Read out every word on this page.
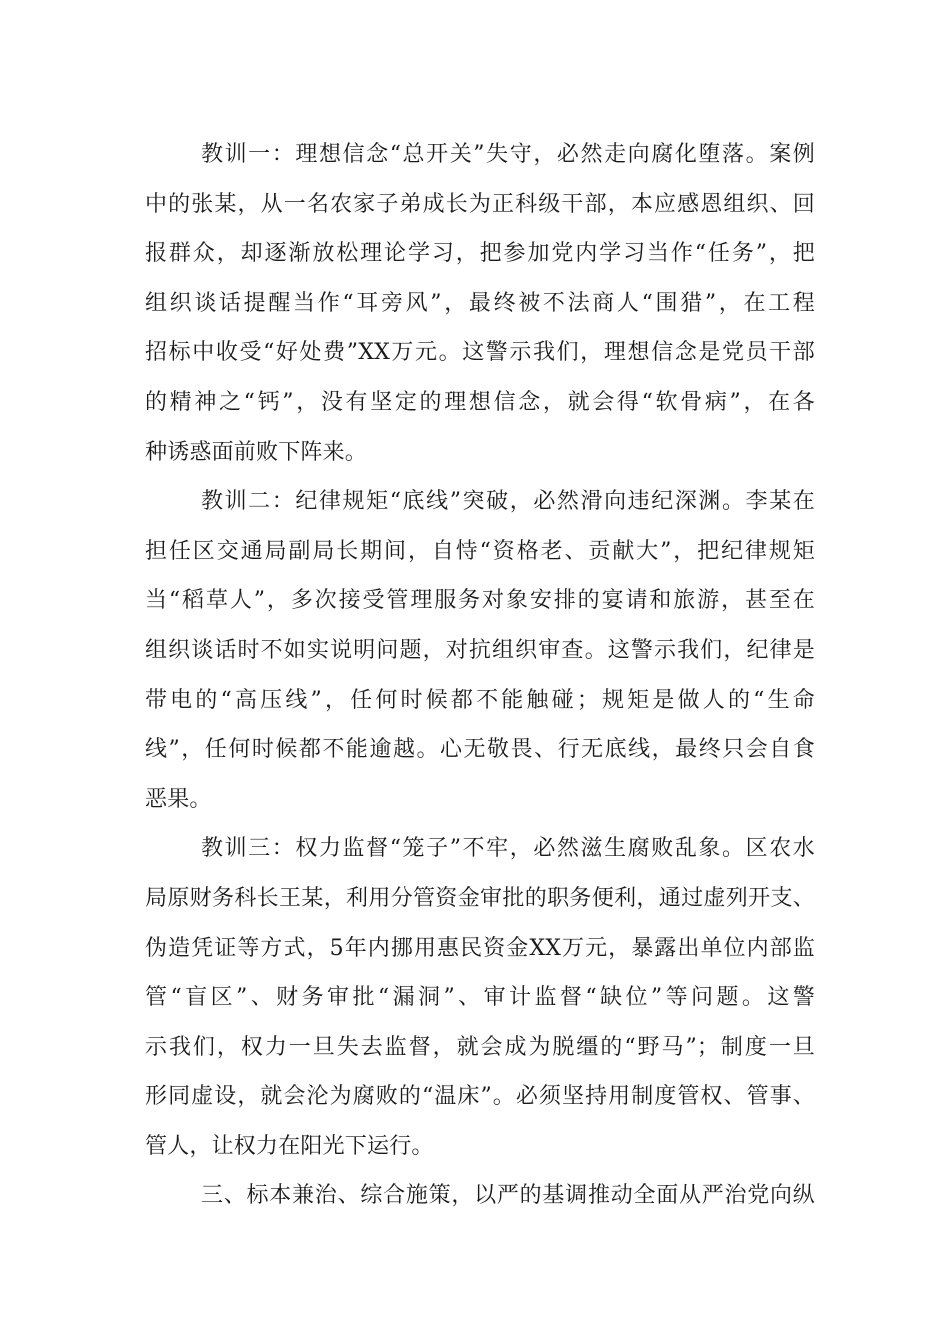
教训一：理想信念“总开关”失守，必然走向腐化堕落。案例
中的张某，从一名农家子弟成长为正科级干部，本应感恩组织、回
报群众，却逐渐放松理论学习，把参加党内学习当作“任务”，把
组织谈话提醒当作“耳旁风”，最终被不法商人“围猎”，在工程
招标中收受“好处费”XX万元。这警示我们，理想信念是党员干部
的精神之“钙”，没有坚定的理想信念，就会得“软骨病”，在各
种诱惑面前败下阵来。
教训二：纪律规矩“底线”突破，必然滑向违纪深渊。李某在
担任区交通局副局长期间，自恃“资格老、贡献大”，把纪律规矩
当“稻草人”，多次接受管理服务对象安排的宴请和旅游，甚至在
组织谈话时不如实说明问题，对抗组织审查。这警示我们，纪律是
带电的“高压线”，任何时候都不能触碰；规矩是做人的“生命
线”，任何时候都不能逾越。心无敬畏、行无底线，最终只会自食
恶果。
教训三：权力监督“笼子”不牢，必然滋生腐败乱象。区农水
局原财务科长王某，利用分管资金审批的职务便利，通过虚列开支、
伪造凭证等方式，5年内挪用惠民资金XX万元，暴露出单位内部监
管“盲区”、财务审批“漏洞”、审计监督“缺位”等问题。这警
示我们，权力一旦失去监督，就会成为脱缰的“野马”；制度一旦
形同虚设，就会沦为腐败的“温床”。必须坚持用制度管权、管事、
管人，让权力在阳光下运行。
三、标本兼治、综合施策，以严的基调推动全面从严治党向纵
